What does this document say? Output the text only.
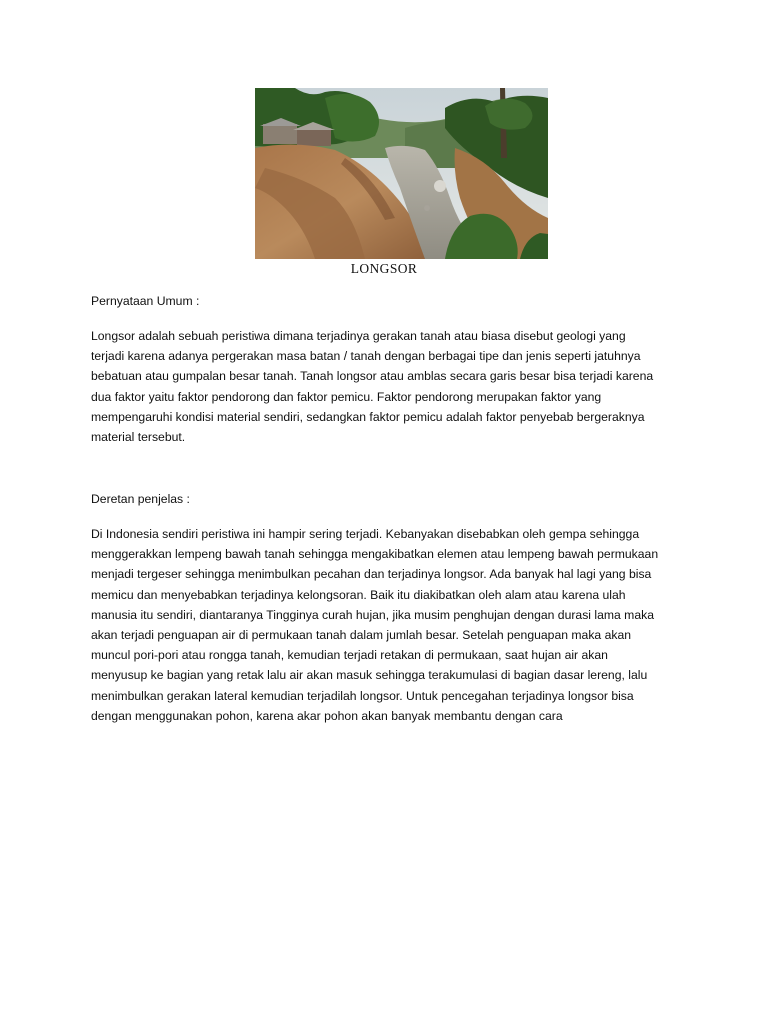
LONGSOR
Pernyataan Umum :
Longsor adalah sebuah peristiwa dimana terjadinya gerakan tanah atau biasa disebut geologi yang
terjadi karena adanya pergerakan masa batan / tanah dengan berbagai tipe dan jenis seperti jatuhnya
bebatuan atau gumpalan besar tanah. Tanah longsor atau amblas secara garis besar bisa terjadi karena
dua faktor yaitu faktor pendorong dan faktor pemicu. Faktor pendorong merupakan faktor yang
mempengaruhi kondisi material sendiri, sedangkan faktor pemicu adalah faktor penyebab bergeraknya
material tersebut.
Deretan penjelas :
Di Indonesia sendiri peristiwa ini hampir sering terjadi. Kebanyakan disebabkan oleh gempa sehingga
menggerakkan lempeng bawah tanah sehingga mengakibatkan elemen atau lempeng bawah permukaan
menjadi tergeser sehingga menimbulkan pecahan dan terjadinya longsor. Ada banyak hal lagi yang bisa
memicu dan menyebabkan terjadinya kelongsoran. Baik itu diakibatkan oleh alam atau karena ulah
manusia itu sendiri, diantaranya Tingginya curah hujan, jika musim penghujan dengan durasi lama maka
akan terjadi penguapan air di permukaan tanah dalam jumlah besar. Setelah penguapan maka akan
muncul pori-pori atau rongga tanah, kemudian terjadi retakan di permukaan, saat hujan air akan
menyusup ke bagian yang retak lalu air akan masuk sehingga terakumulasi di bagian dasar lereng, lalu
menimbulkan gerakan lateral kemudian terjadilah longsor. Untuk pencegahan terjadinya longsor bisa
dengan menggunakan pohon, karena akar pohon akan banyak membantu dengan cara
